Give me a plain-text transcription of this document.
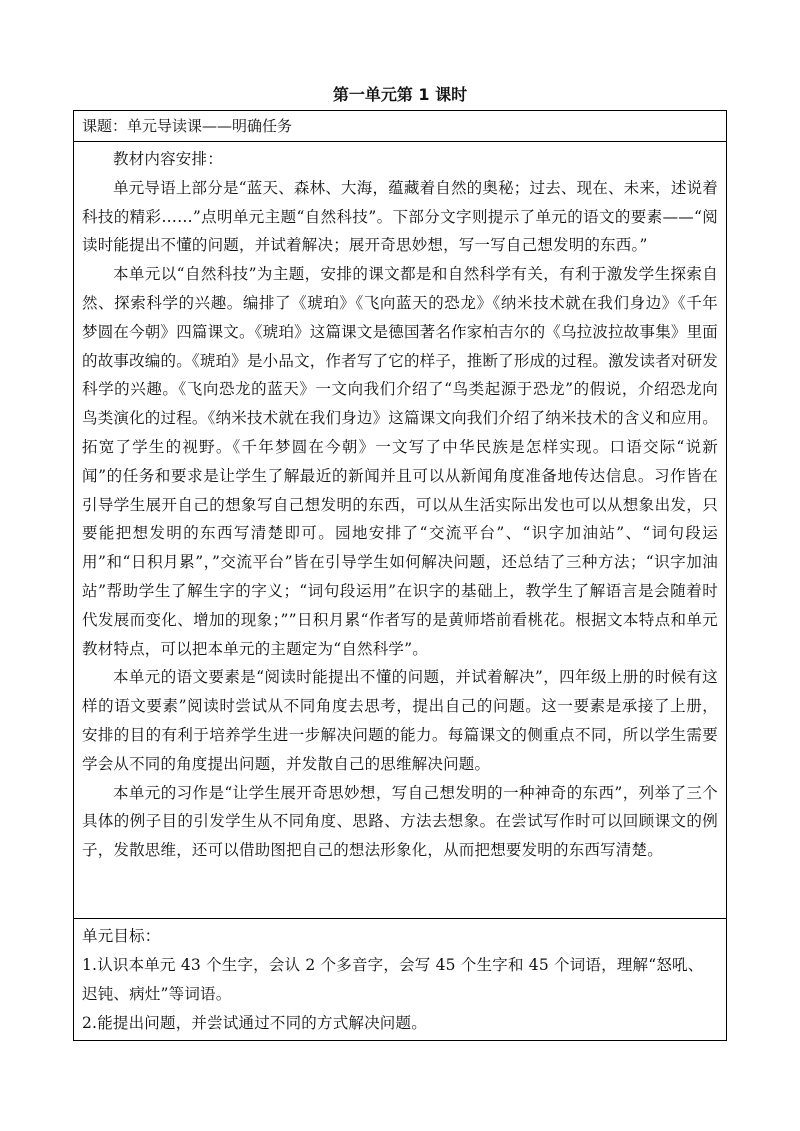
第一单元第 1 课时
课题：单元导读课——明确任务

教材内容安排：

单元导语上部分是“蓝天、森林、大海，蕴藏着自然的奥秘；过去、现在、未来，述说着科技的精彩……”点明单元主题“自然科技”。下部分文字则提示了单元的语文的要素——“阅读时能提出不懂的问题，并试着解决；展开奇思妙想，写一写自己想发明的东西。”

本单元以“自然科技”为主题，安排的课文都是和自然科学有关，有利于激发学生探索自然、探索科学的兴趣。编排了《琥珀》《飞向蓝天的恐龙》《纳米技术就在我们身边》《千年梦圆在今朝》四篇课文。《琥珀》这篇课文是德国著名作家柏吉尔的《乌拉波拉故事集》里面的故事改编的。《琥珀》是小品文，作者写了它的样子，推断了形成的过程。激发读者对研发科学的兴趣。《飞向恐龙的蓝天》一文向我们介绍了“鸟类起源于恐龙”的假说，介绍恐龙向鸟类演化的过程。《纳米技术就在我们身边》这篇课文向我们介绍了纳米技术的含义和应用。拓宽了学生的视野。《千年梦圆在今朝》一文写了中华民族是怎样实现。口语交际“说新闻”的任务和要求是让学生了解最近的新闻并且可以从新闻角度准备地传达信息。习作皆在引导学生展开自己的想象写自己想发明的东西，可以从生活实际出发也可以从想象出发，只要能把想发明的东西写清楚即可。园地安排了“交流平台”、“识字加油站”、“词句段运用”和“日积月累”，”交流平台”皆在引导学生如何解决问题，还总结了三种方法；“识字加油站”帮助学生了解生字的字义；“词句段运用”在识字的基础上，教学生了解语言是会随着时代发展而变化、增加的现象；””日积月累“作者写的是黄师塔前看桃花。根据文本特点和单元教材特点，可以把本单元的主题定为“自然科学”。

本单元的语文要素是“阅读时能提出不懂的问题，并试着解决”，四年级上册的时候有这样的语文要素”阅读时尝试从不同角度去思考，提出自己的问题。这一要素是承接了上册，安排的目的有利于培养学生进一步解决问题的能力。每篇课文的侧重点不同，所以学生需要学会从不同的角度提出问题，并发散自己的思维解决问题。

本单元的习作是“让学生展开奇思妙想，写自己想发明的一种神奇的东西”，列举了三个具体的例子目的引发学生从不同角度、思路、方法去想象。在尝试写作时可以回顾课文的例子，发散思维，还可以借助图把自己的想法形象化，从而把想要发明的东西写清楚。

单元目标：

1.认识本单元 43 个生字，会认 2 个多音字，会写 45 个生字和 45 个词语，理解“怒吼、迟钝、病灶”等词语。

2.能提出问题，并尝试通过不同的方式解决问题。
